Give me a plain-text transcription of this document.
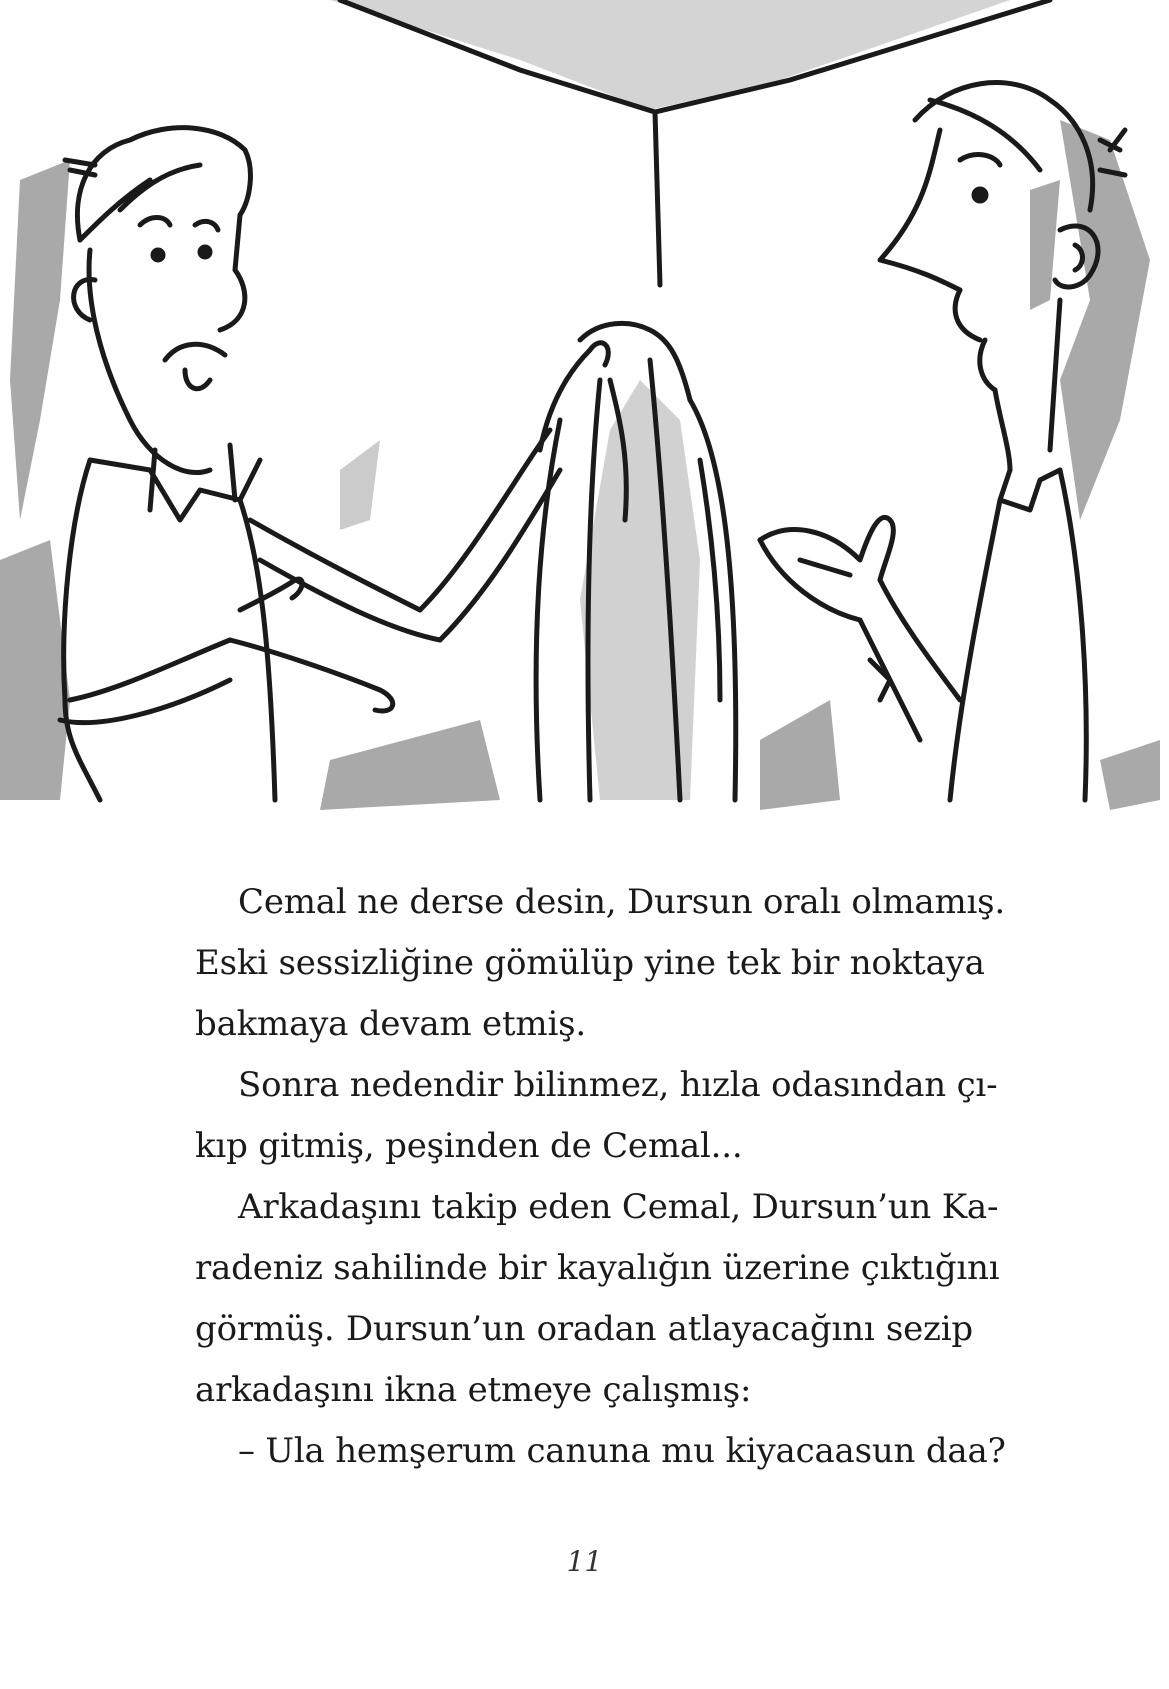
Cemal ne derse desin, Dursun oralı olmamış.
Eski sessizliğine gömülüp yine tek bir noktaya
bakmaya devam etmiş.
Sonra nedendir bilinmez, hızla odasından çı-
kıp gitmiş, peşinden de Cemal...
Arkadaşını takip eden Cemal, Dursun’un Ka-
radeniz sahilinde bir kayalığın üzerine çıktığını
görmüş. Dursun’un oradan atlayacağını sezip
arkadaşını ikna etmeye çalışmış:
– Ula hemşerum canuna mu kiyacaasun daa?
11
